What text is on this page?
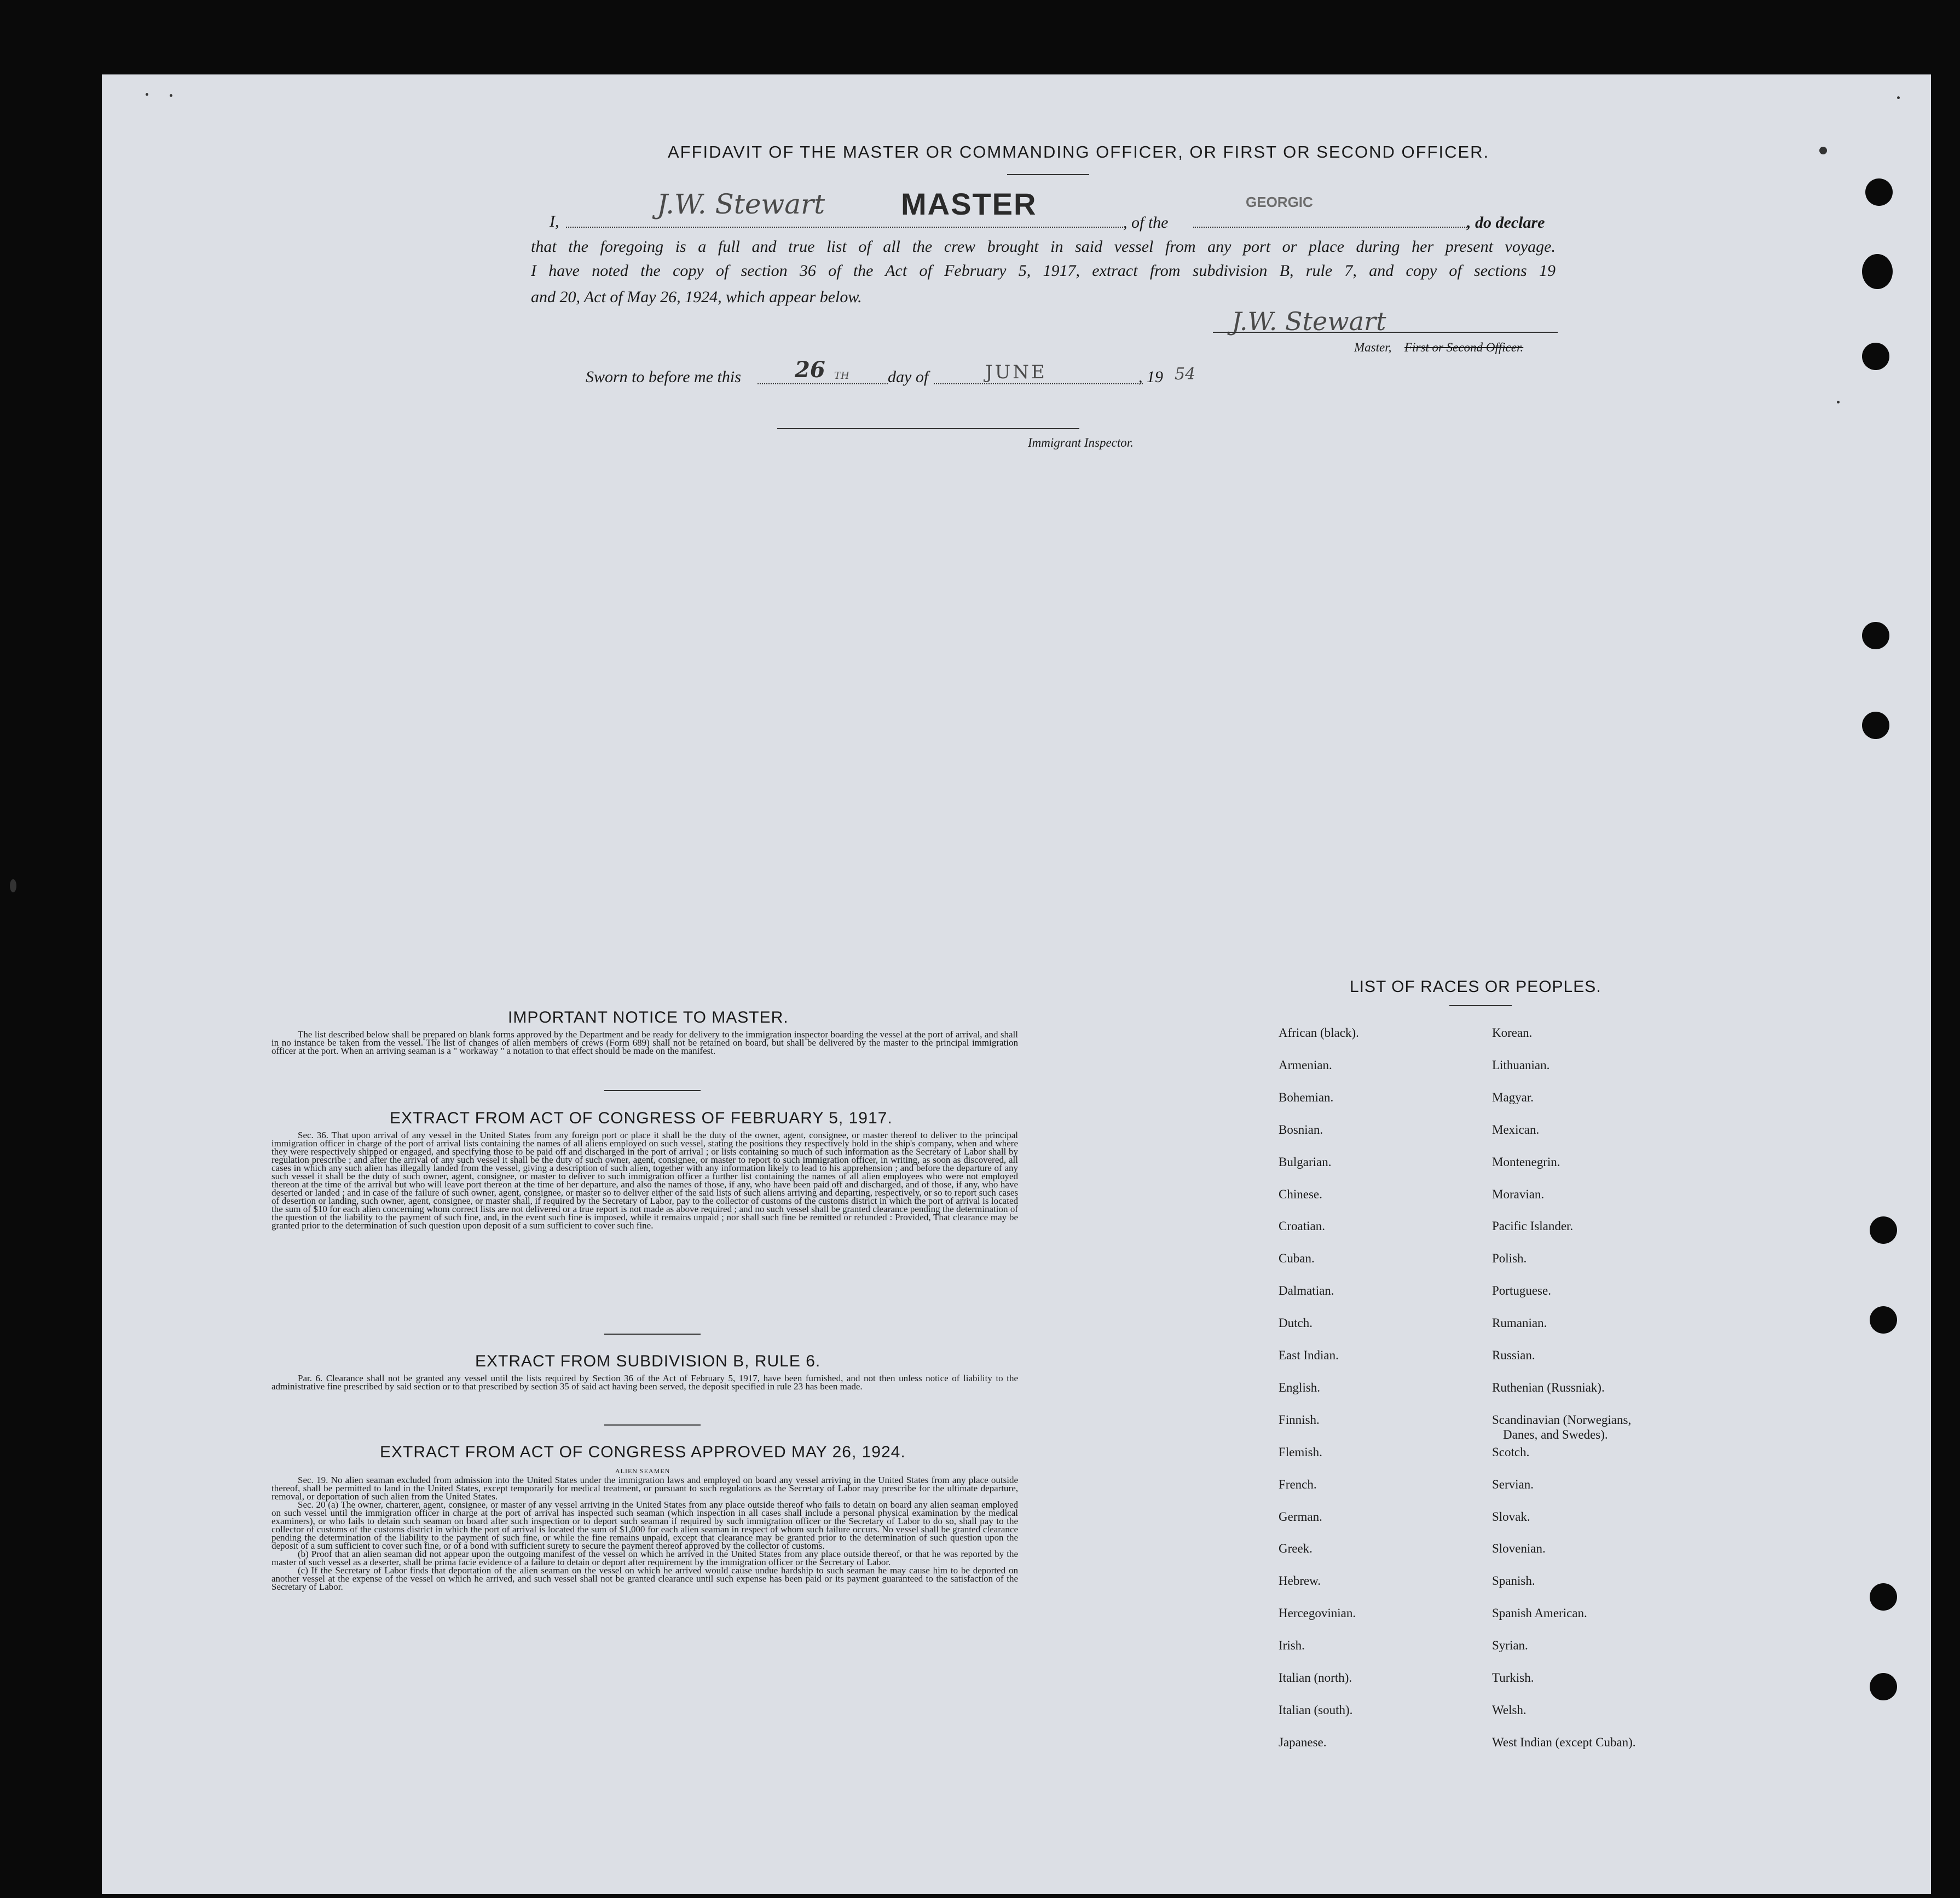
AFFIDAVIT OF THE MASTER OR COMMANDING OFFICER, OR FIRST OR SECOND OFFICER.
I,
J.W. Stewart MASTER
, of the
GEORGIC
, do declare
that the foregoing is a full and true list of all the crew brought in said vessel from any port or place during her present voyage.
I have noted the copy of section 36 of the Act of February 5, 1917, extract from subdivision B, rule 7, and copy of sections 19
and 20, Act of May 26, 1924, which appear below.
J.W. Stewart
Master, First or Second Officer.
Sworn to before me this 26 TH day of	JUNE	, 19 54
Immigrant Inspector.
IMPORTANT NOTICE TO MASTER.
The list described below shall be prepared on blank forms approved by the Department and be ready for delivery to the immigration inspector boarding the vessel at the port of arrival, and shall in no instance be taken from the vessel. The list of changes of alien members of crews (Form 689) shall not be retained on board, but shall be delivered by the master to the principal immigration officer at the port. When an arriving seaman is a " workaway " a notation to that effect should be made on the manifest.
EXTRACT FROM ACT OF CONGRESS OF FEBRUARY 5, 1917.
Sec. 36. That upon arrival of any vessel in the United States from any foreign port or place it shall be the duty of the owner, agent, consignee, or master thereof to deliver to the principal immigration officer in charge of the port of arrival lists containing the names of all aliens employed on such vessel, stating the positions they respectively hold in the ship's company, when and where they were respectively shipped or engaged, and specifying those to be paid off and discharged in the port of arrival ; or lists containing so much of such information as the Secretary of Labor shall by regulation prescribe ; and after the arrival of any such vessel it shall be the duty of such owner, agent, consignee, or master to report to such immigration officer, in writing, as soon as discovered, all cases in which any such alien has illegally landed from the vessel, giving a description of such alien, together with any information likely to lead to his apprehension ; and before the departure of any such vessel it shall be the duty of such owner, agent, consignee, or master to deliver to such immigration officer a further list containing the names of all alien employees who were not employed thereon at the time of the arrival but who will leave port thereon at the time of her departure, and also the names of those, if any, who have been paid off and discharged, and of those, if any, who have deserted or landed ; and in case of the failure of such owner, agent, consignee, or master so to deliver either of the said lists of such aliens arriving and departing, respectively, or so to report such cases of desertion or landing, such owner, agent, consignee, or master shall, if required by the Secretary of Labor, pay to the collector of customs of the customs district in which the port of arrival is located the sum of $10 for each alien concerning whom correct lists are not delivered or a true report is not made as above required ; and no such vessel shall be granted clearance pending the determination of the question of the liability to the payment of such fine, and, in the event such fine is imposed, while it remains unpaid ; nor shall such fine be remitted or refunded : Provided, That clearance may be granted prior to the determination of such question upon deposit of a sum sufficient to cover such fine.
EXTRACT FROM SUBDIVISION B, RULE 6.
Par. 6. Clearance shall not be granted any vessel until the lists required by Section 36 of the Act of February 5, 1917, have been furnished, and not then unless notice of liability to the administrative fine prescribed by said section or to that prescribed by section 35 of said act having been served, the deposit specified in rule 23 has been made.
EXTRACT FROM ACT OF CONGRESS APPROVED MAY 26, 1924.
ALIEN SEAMEN

Sec. 19. No alien seaman excluded from admission into the United States under the immigration laws and employed on board any vessel arriving in the United States from any place outside thereof, shall be permitted to land in the United States, except temporarily for medical treatment, or pursuant to such regulations as the Secretary of Labor may prescribe for the ultimate departure, removal, or deportation of such alien from the United States.

Sec. 20 (a) The owner, charterer, agent, consignee, or master of any vessel arriving in the United States from any place outside thereof who fails to detain on board any alien seaman employed on such vessel until the immigration officer in charge at the port of arrival has inspected such seaman (which inspection in all cases shall include a personal physical examination by the medical examiners), or who fails to detain such seaman on board after such inspection or to deport such seaman if required by such immigration officer or the Secretary of Labor to do so, shall pay to the collector of customs of the customs district in which the port of arrival is located the sum of $1,000 for each alien seaman in respect of whom such failure occurs. No vessel shall be granted clearance pending the determination of the liability to the payment of such fine, or while the fine remains unpaid, except that clearance may be granted prior to the determination of such question upon the deposit of a sum sufficient to cover such fine, or of a bond with sufficient surety to secure the payment thereof approved by the collector of customs.

(b) Proof that an alien seaman did not appear upon the outgoing manifest of the vessel on which he arrived in the United States from any place outside thereof, or that he was reported by the master of such vessel as a deserter, shall be prima facie evidence of a failure to detain or deport after requirement by the immigration officer or the Secretary of Labor.

(c) If the Secretary of Labor finds that deportation of the alien seaman on the vessel on which he arrived would cause undue hardship to such seaman he may cause him to be deported on another vessel at the expense of the vessel on which he arrived, and such vessel shall not be granted clearance until such expense has been paid or its payment guaranteed to the satisfaction of the Secretary of Labor.

LIST OF RACES OR PEOPLES.
African (black).
Armenian.
Bohemian.
Bosnian.
Bulgarian.
Chinese.
Croatian.
Cuban.
Dalmatian.
Dutch.
East Indian.
English.
Finnish.
Flemish.
French.
German.
Greek.
Hebrew.
Hercegovinian.
Irish.
Italian (north).
Italian (south).
Japanese.
Korean.
Lithuanian.
Magyar.
Mexican.
Montenegrin.
Moravian.
Pacific Islander.
Polish.
Portuguese.
Rumanian.
Russian.
Ruthenian (Russniak).
Scandinavian (Norwegians,
Scotch.
Servian.
Slovak.
Slovenian.
Spanish.
Spanish American.
Syrian.
Turkish.
Welsh.
West Indian (except Cuban).
Danes, and Swedes).
